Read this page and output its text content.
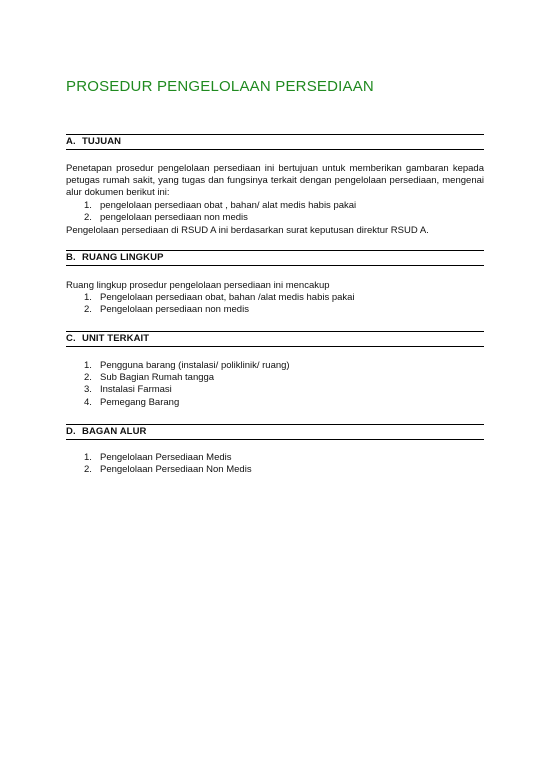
PROSEDUR PENGELOLAAN PERSEDIAAN
A. TUJUAN
Penetapan prosedur pengelolaan persediaan ini bertujuan untuk memberikan gambaran kepada petugas rumah sakit, yang tugas dan fungsinya terkait dengan pengelolaan persediaan, mengenai alur dokumen berikut ini:
1. pengelolaan persediaan obat , bahan/ alat medis habis pakai
2. pengelolaan persediaan non medis
Pengelolaan persediaan di RSUD A ini berdasarkan surat keputusan direktur RSUD A.
B. RUANG LINGKUP
Ruang lingkup prosedur pengelolaan persediaan ini mencakup
1. Pengelolaan persediaan obat, bahan /alat medis habis pakai
2. Pengelolaan persediaan non medis
C. UNIT TERKAIT
1. Pengguna barang (instalasi/ poliklinik/ ruang)
2. Sub Bagian Rumah tangga
3. Instalasi Farmasi
4. Pemegang Barang
D. BAGAN ALUR
1. Pengelolaan Persediaan Medis
2. Pengelolaan Persediaan Non Medis
